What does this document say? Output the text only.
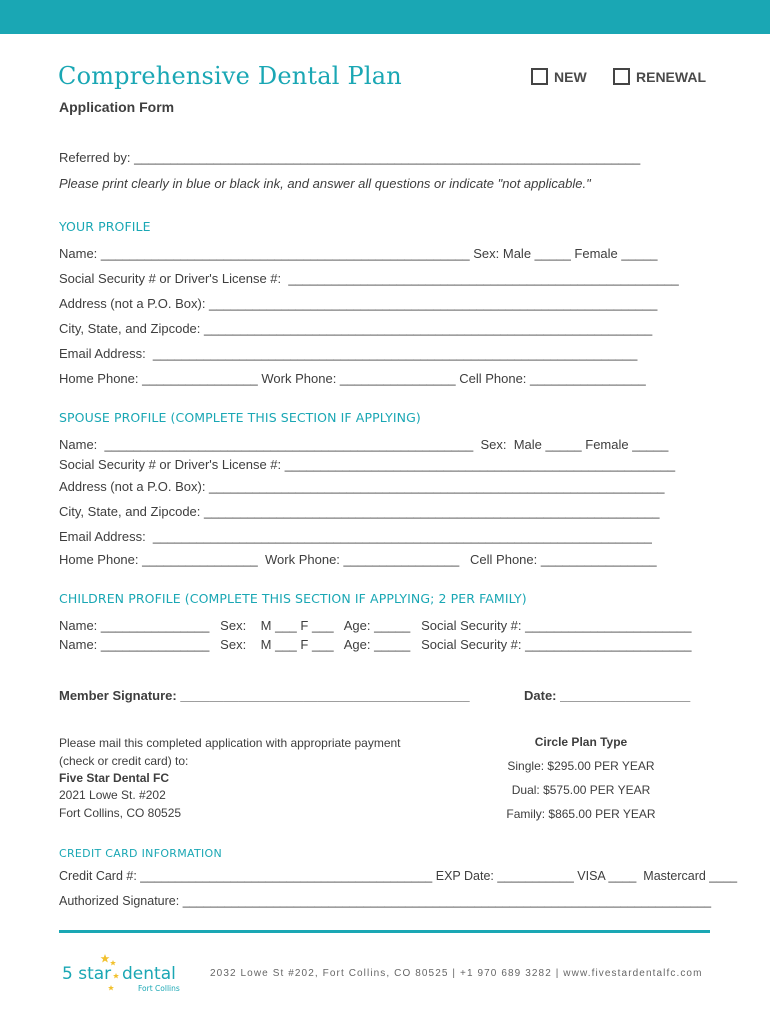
Comprehensive Dental Plan
Application Form
NEW	RENEWAL
Referred by: ______________________________________________________________________
Please print clearly in blue or black ink, and answer all questions or indicate "not applicable."
YOUR PROFILE
Name: ___________________________________________________ Sex: Male _____ Female _____
Social Security # or Driver's License #:  ______________________________________________________
Address (not a P.O. Box): ______________________________________________________________
City, State, and Zipcode: ______________________________________________________________
Email Address:  ___________________________________________________________________
Home Phone: ________________ Work Phone: ________________ Cell Phone: ________________
SPOUSE PROFILE (COMPLETE THIS SECTION IF APPLYING)
Name:  ___________________________________________________  Sex:  Male _____ Female _____
Social Security # or Driver's License #: ______________________________________________________
Address (not a P.O. Box): _______________________________________________________________
City, State, and Zipcode: _______________________________________________________________
Email Address:  _____________________________________________________________________
Home Phone: ________________  Work Phone: ________________   Cell Phone: ________________
CHILDREN PROFILE (COMPLETE THIS SECTION IF APPLYING; 2 PER FAMILY)
Name: _______________   Sex:    M ___ F ___   Age: _____   Social Security #: _______________________
Name: _______________   Sex:    M ___ F ___   Age: _____   Social Security #: _______________________
Member Signature: ________________________________________	Date: __________________
Please mail this completed application with appropriate payment
(check or credit card) to:
Five Star Dental FC
2021 Lowe St. #202
Fort Collins, CO 80525
Circle Plan Type
Single: $295.00 PER YEAR
Dual: $575.00 PER YEAR
Family: $865.00 PER YEAR
CREDIT CARD INFORMATION
Credit Card #: __________________________________________ EXP Date: ___________ VISA ____  Mastercard ____
Authorized Signature: ____________________________________________________________________________
5 star dental
Fort Collins
2032 Lowe St #202, Fort Collins, CO 80525 | +1 970 689 3282 | www.fivestardentalfc.com
